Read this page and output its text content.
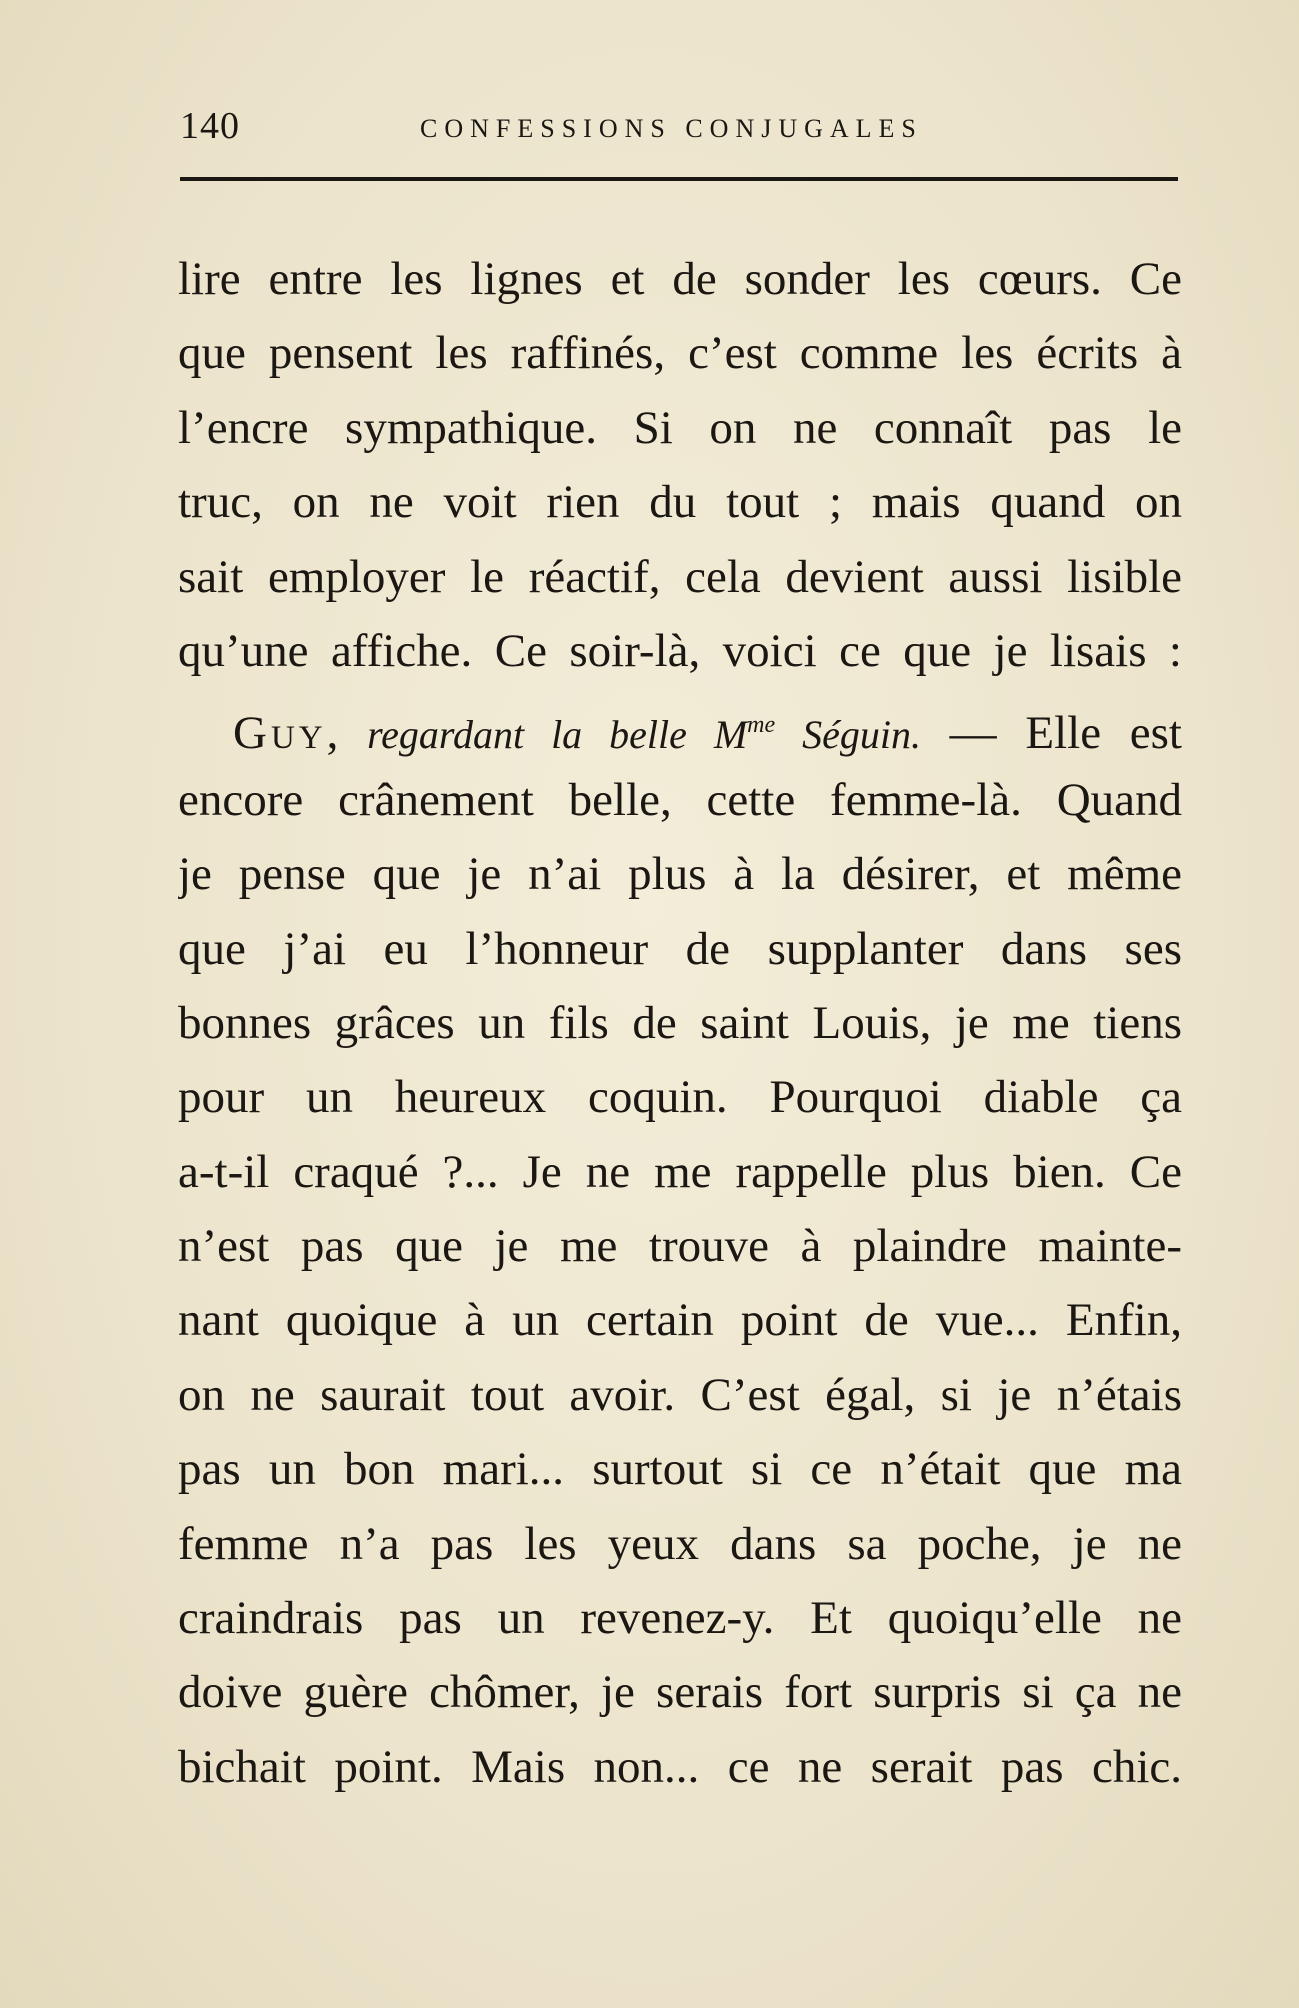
140	CONFESSIONS CONJUGALES
lire entre les lignes et de sonder les cœurs. Ce
que pensent les raffinés, c’est comme les écrits à
l’encre sympathique. Si on ne connaît pas le
truc, on ne voit rien du tout ; mais quand on
sait employer le réactif, cela devient aussi lisible
qu’une affiche. Ce soir-là, voici ce que je lisais :
Guy, regardant la belle $M^{me}$ Séguin. — Elle est
encore crânement belle, cette femme-là. Quand
je pense que je n’ai plus à la désirer, et même
que j’ai eu l’honneur de supplanter dans ses
bonnes grâces un fils de saint Louis, je me tiens
pour un heureux coquin. Pourquoi diable ça
a-t-il craqué ?... Je ne me rappelle plus bien. Ce
n’est pas que je me trouve à plaindre mainte-
nant quoique à un certain point de vue... Enfin,
on ne saurait tout avoir. C’est égal, si je n’étais
pas un bon mari... surtout si ce n’était que ma
femme n’a pas les yeux dans sa poche, je ne
craindrais pas un revenez-y. Et quoiqu’elle ne
doive guère chômer, je serais fort surpris si ça ne
bichait point. Mais non... ce ne serait pas chic.
